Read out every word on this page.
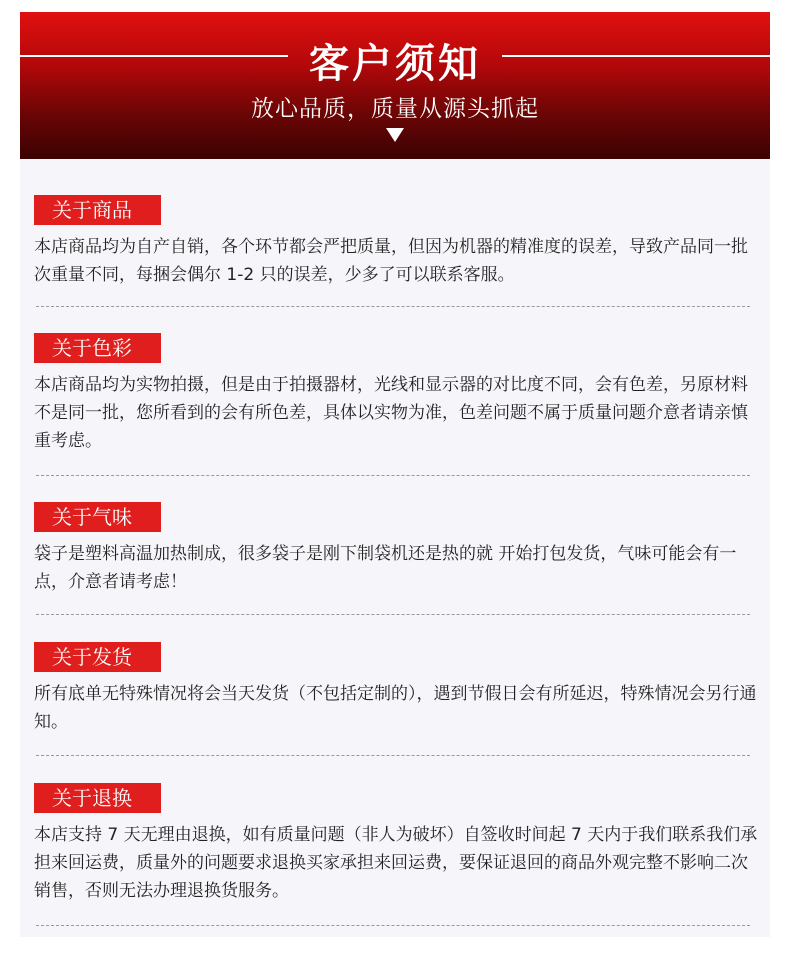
客户须知
放心品质，质量从源头抓起
关于商品
本店商品均为自产自销，各个环节都会严把质量，但因为机器的精准度的误差，导致产品同一批次重量不同，每捆会偶尔 1-2 只的误差，少多了可以联系客服。
关于色彩
本店商品均为实物拍摄，但是由于拍摄器材，光线和显示器的对比度不同，会有色差，另原材料不是同一批，您所看到的会有所色差，具体以实物为准，色差问题不属于质量问题介意者请亲慎重考虑。
关于气味
袋子是塑料高温加热制成，很多袋子是刚下制袋机还是热的就 开始打包发货，气味可能会有一点，介意者请考虑！
关于发货
所有底单无特殊情况将会当天发货（不包括定制的），遇到节假日会有所延迟，特殊情况会另行通知。
关于退换
本店支持 7 天无理由退换，如有质量问题（非人为破坏）自签收时间起 7 天内于我们联系我们承担来回运费，质量外的问题要求退换买家承担来回运费，要保证退回的商品外观完整不影响二次销售，否则无法办理退换货服务。
